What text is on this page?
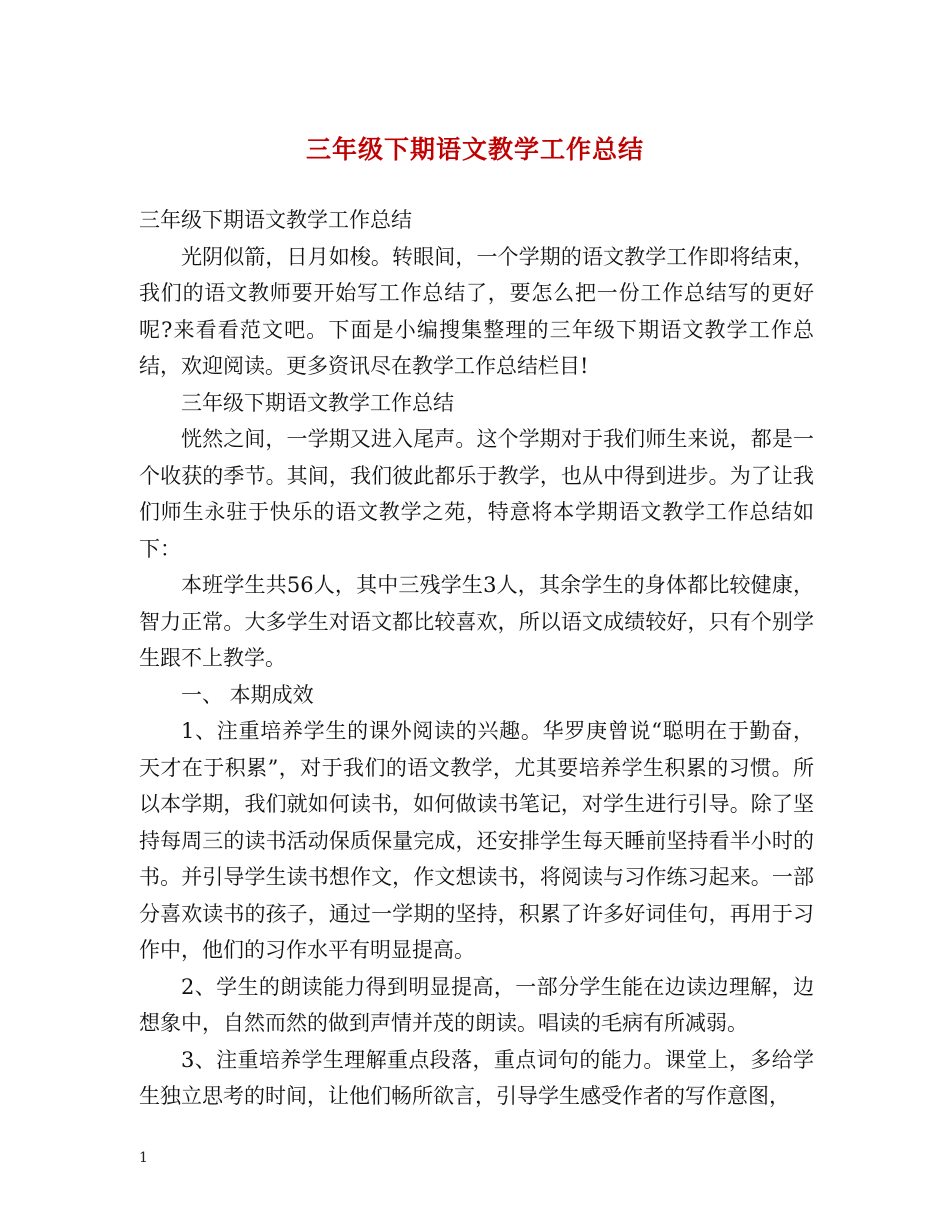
三年级下期语文教学工作总结

三年级下期语文教学工作总结

光阴似箭，日月如梭。转眼间，一个学期的语文教学工作即将结束，我们的语文教师要开始写工作总结了，要怎么把一份工作总结写的更好呢?来看看范文吧。下面是小编搜集整理的三年级下期语文教学工作总结，欢迎阅读。更多资讯尽在教学工作总结栏目!

三年级下期语文教学工作总结

恍然之间，一学期又进入尾声。这个学期对于我们师生来说，都是一个收获的季节。其间，我们彼此都乐于教学，也从中得到进步。为了让我们师生永驻于快乐的语文教学之苑，特意将本学期语文教学工作总结如下：

本班学生共56人，其中三残学生3人，其余学生的身体都比较健康，智力正常。大多学生对语文都比较喜欢，所以语文成绩较好，只有个别学生跟不上教学。

一、 本期成效

1、注重培养学生的课外阅读的兴趣。华罗庚曾说“聪明在于勤奋，天才在于积累”，对于我们的语文教学，尤其要培养学生积累的习惯。所以本学期，我们就如何读书，如何做读书笔记，对学生进行引导。除了坚持每周三的读书活动保质保量完成，还安排学生每天睡前坚持看半小时的书。并引导学生读书想作文，作文想读书，将阅读与习作练习起来。一部分喜欢读书的孩子，通过一学期的坚持，积累了许多好词佳句，再用于习作中，他们的习作水平有明显提高。

2、学生的朗读能力得到明显提高，一部分学生能在边读边理解，边想象中，自然而然的做到声情并茂的朗读。唱读的毛病有所减弱。

3、注重培养学生理解重点段落，重点词句的能力。课堂上，多给学生独立思考的时间，让他们畅所欲言，引导学生感受作者的写作意图，

1
